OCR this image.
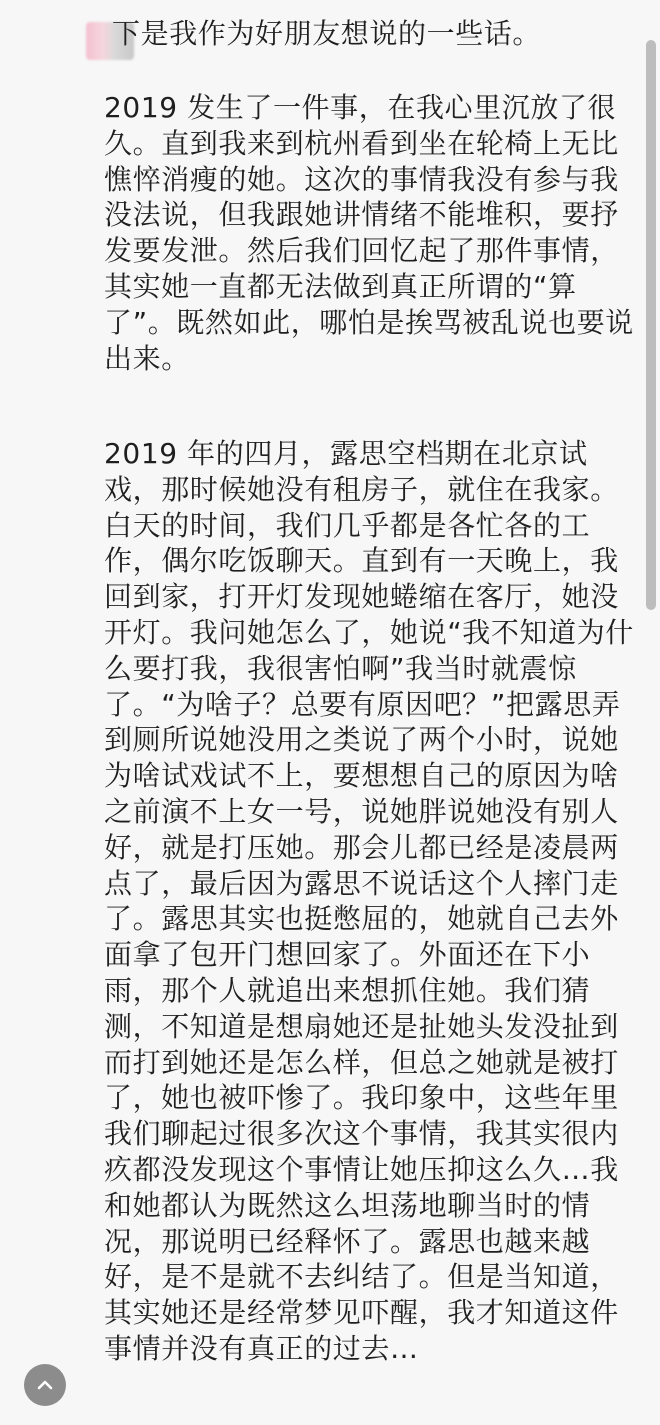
下是我作为好朋友想说的一些话。
2019 发生了一件事，在我心里沉放了很久。直到我来到杭州看到坐在轮椅上无比憔悴消瘦的她。这次的事情我没有参与我没法说，但我跟她讲情绪不能堆积，要抒发要发泄。然后我们回忆起了那件事情，其实她一直都无法做到真正所谓的“算了”。既然如此，哪怕是挨骂被乱说也要说出来。
2019 年的四月，露思空档期在北京试戏，那时候她没有租房子，就住在我家。白天的时间，我们几乎都是各忙各的工作，偶尔吃饭聊天。直到有一天晚上，我回到家，打开灯发现她蜷缩在客厅，她没开灯。我问她怎么了，她说“我不知道为什么要打我，我很害怕啊”我当时就震惊了。“为啥子？总要有原因吧？”把露思弄到厕所说她没用之类说了两个小时，说她为啥试戏试不上，要想想自己的原因为啥之前演不上女一号，说她胖说她没有别人好，就是打压她。那会儿都已经是凌晨两点了，最后因为露思不说话这个人摔门走了。露思其实也挺憋屈的，她就自己去外面拿了包开门想回家了。外面还在下小雨，那个人就追出来想抓住她。我们猜测，不知道是想扇她还是扯她头发没扯到而打到她还是怎么样，但总之她就是被打了，她也被吓惨了。我印象中，这些年里我们聊起过很多次这个事情，我其实很内疚都没发现这个事情让她压抑这么久…我和她都认为既然这么坦荡地聊当时的情况，那说明已经释怀了。露思也越来越好，是不是就不去纠结了。但是当知道，其实她还是经常梦见吓醒，我才知道这件事情并没有真正的过去…
